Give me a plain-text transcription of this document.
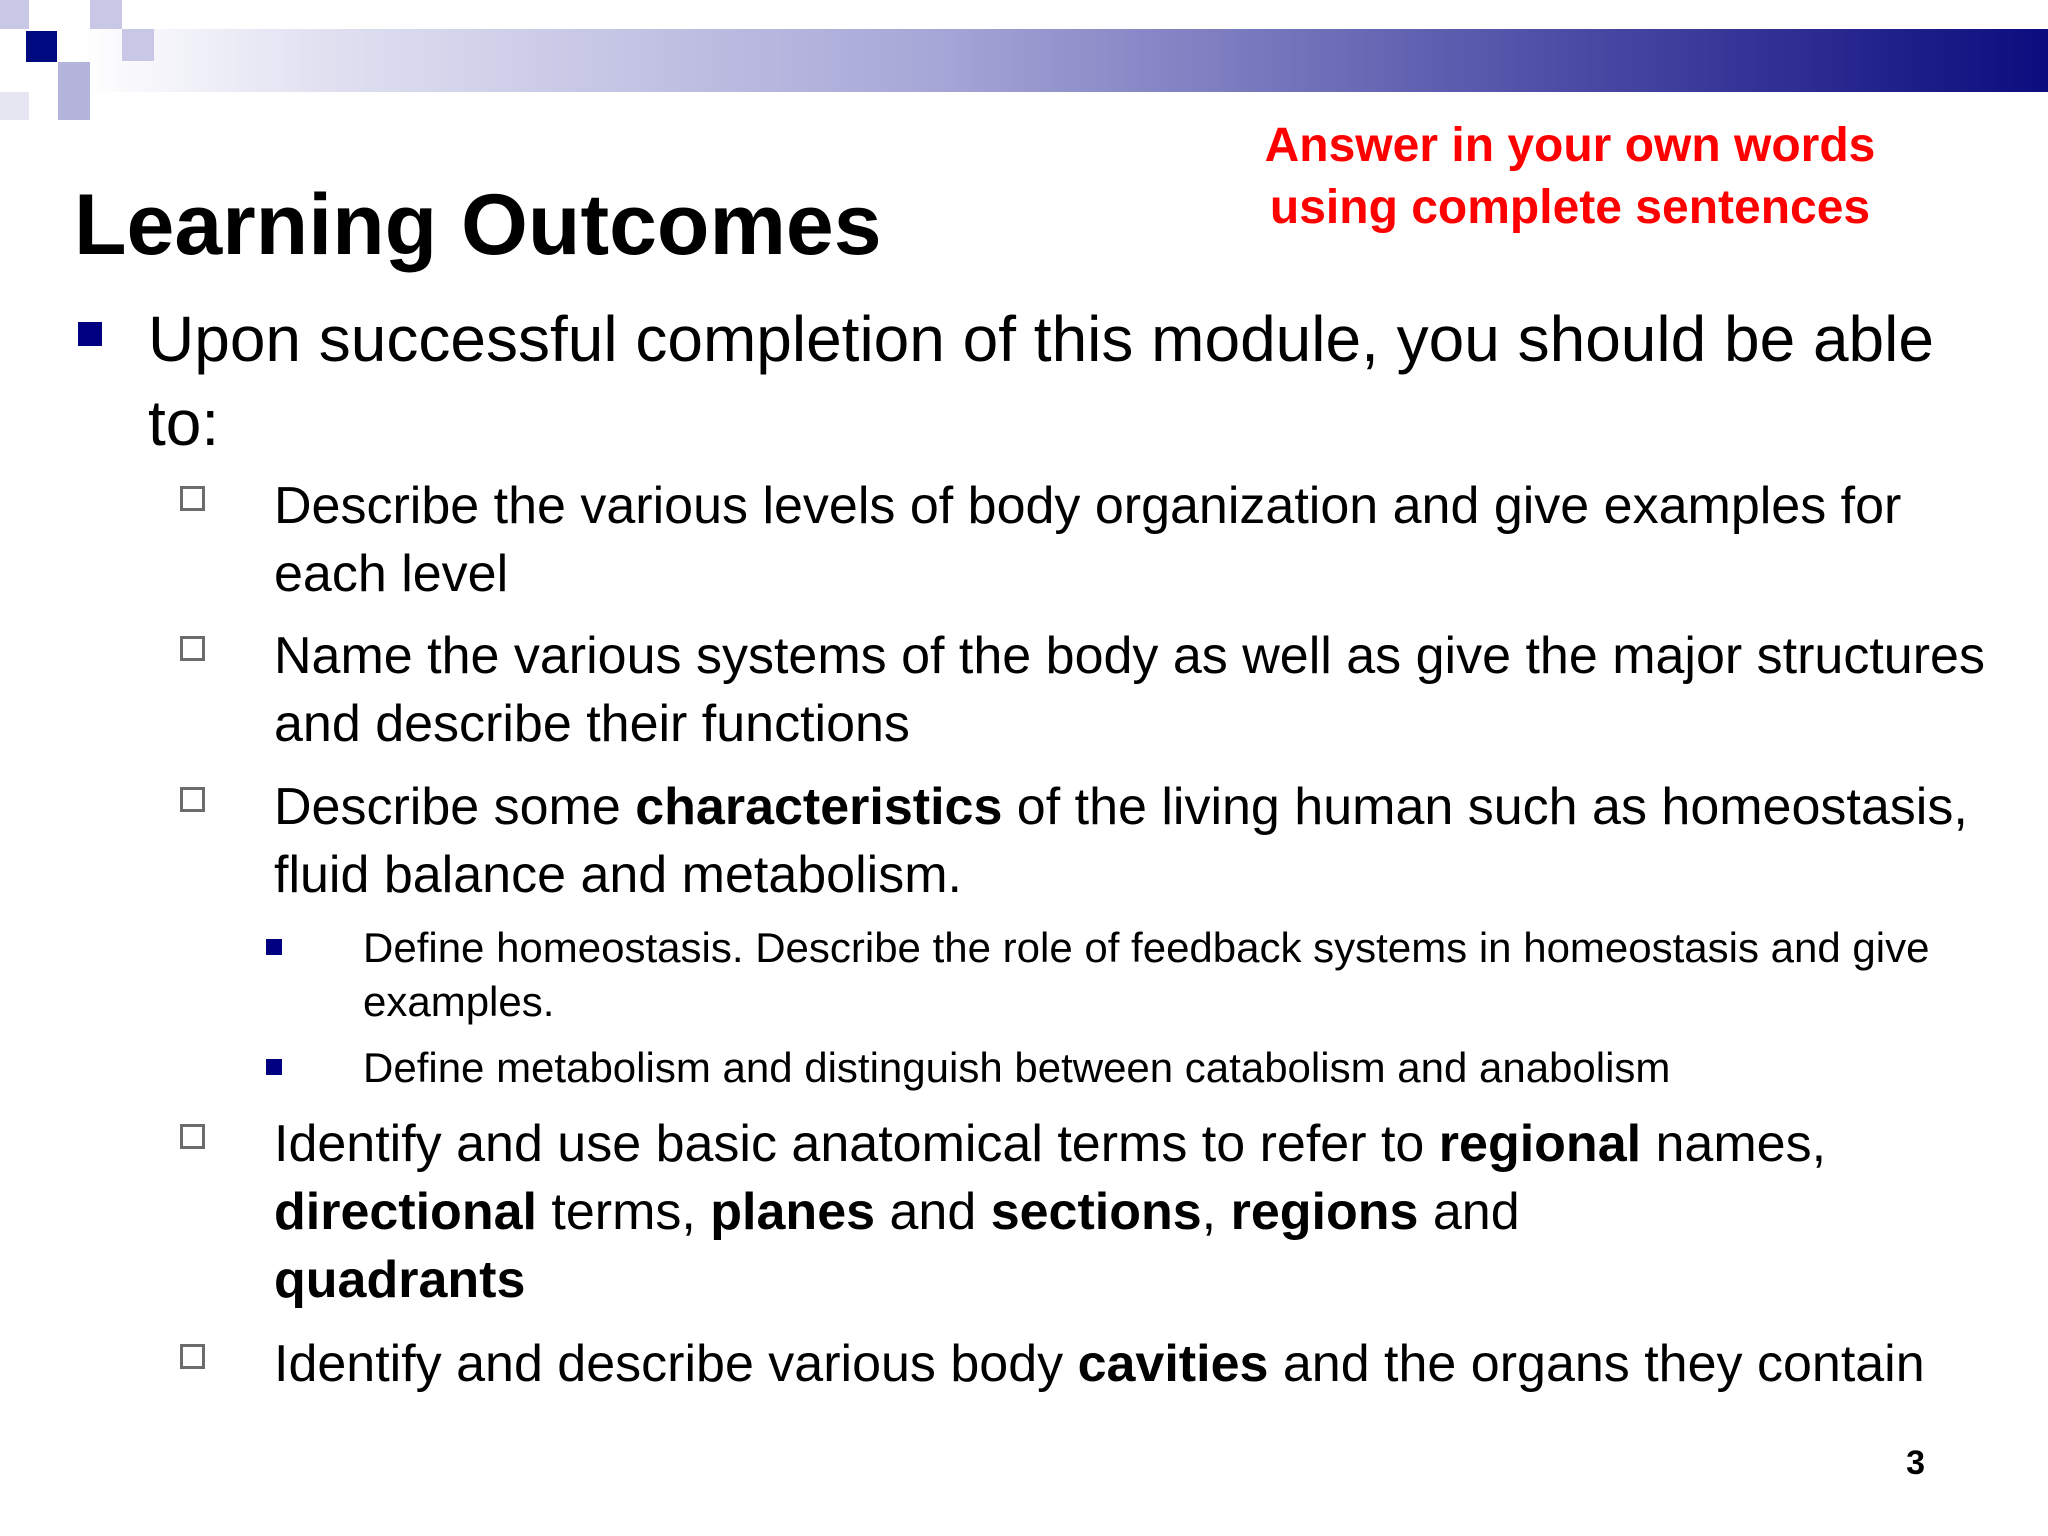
Answer in your own words
using complete sentences

Learning Outcomes
Upon successful completion of this module, you should be able to:
Describe the various levels of body organization and give examples for each level
Name the various systems of the body as well as give the major structures and describe their functions
Describe some characteristics of the living human such as homeostasis, fluid balance and metabolism.
Define homeostasis. Describe the role of feedback systems in homeostasis and give examples.
Define metabolism and distinguish between catabolism and anabolism
Identify and use basic anatomical terms to refer to regional names, directional terms, planes and sections, regions and
quadrants
Identify and describe various body cavities and the organs they contain
3
